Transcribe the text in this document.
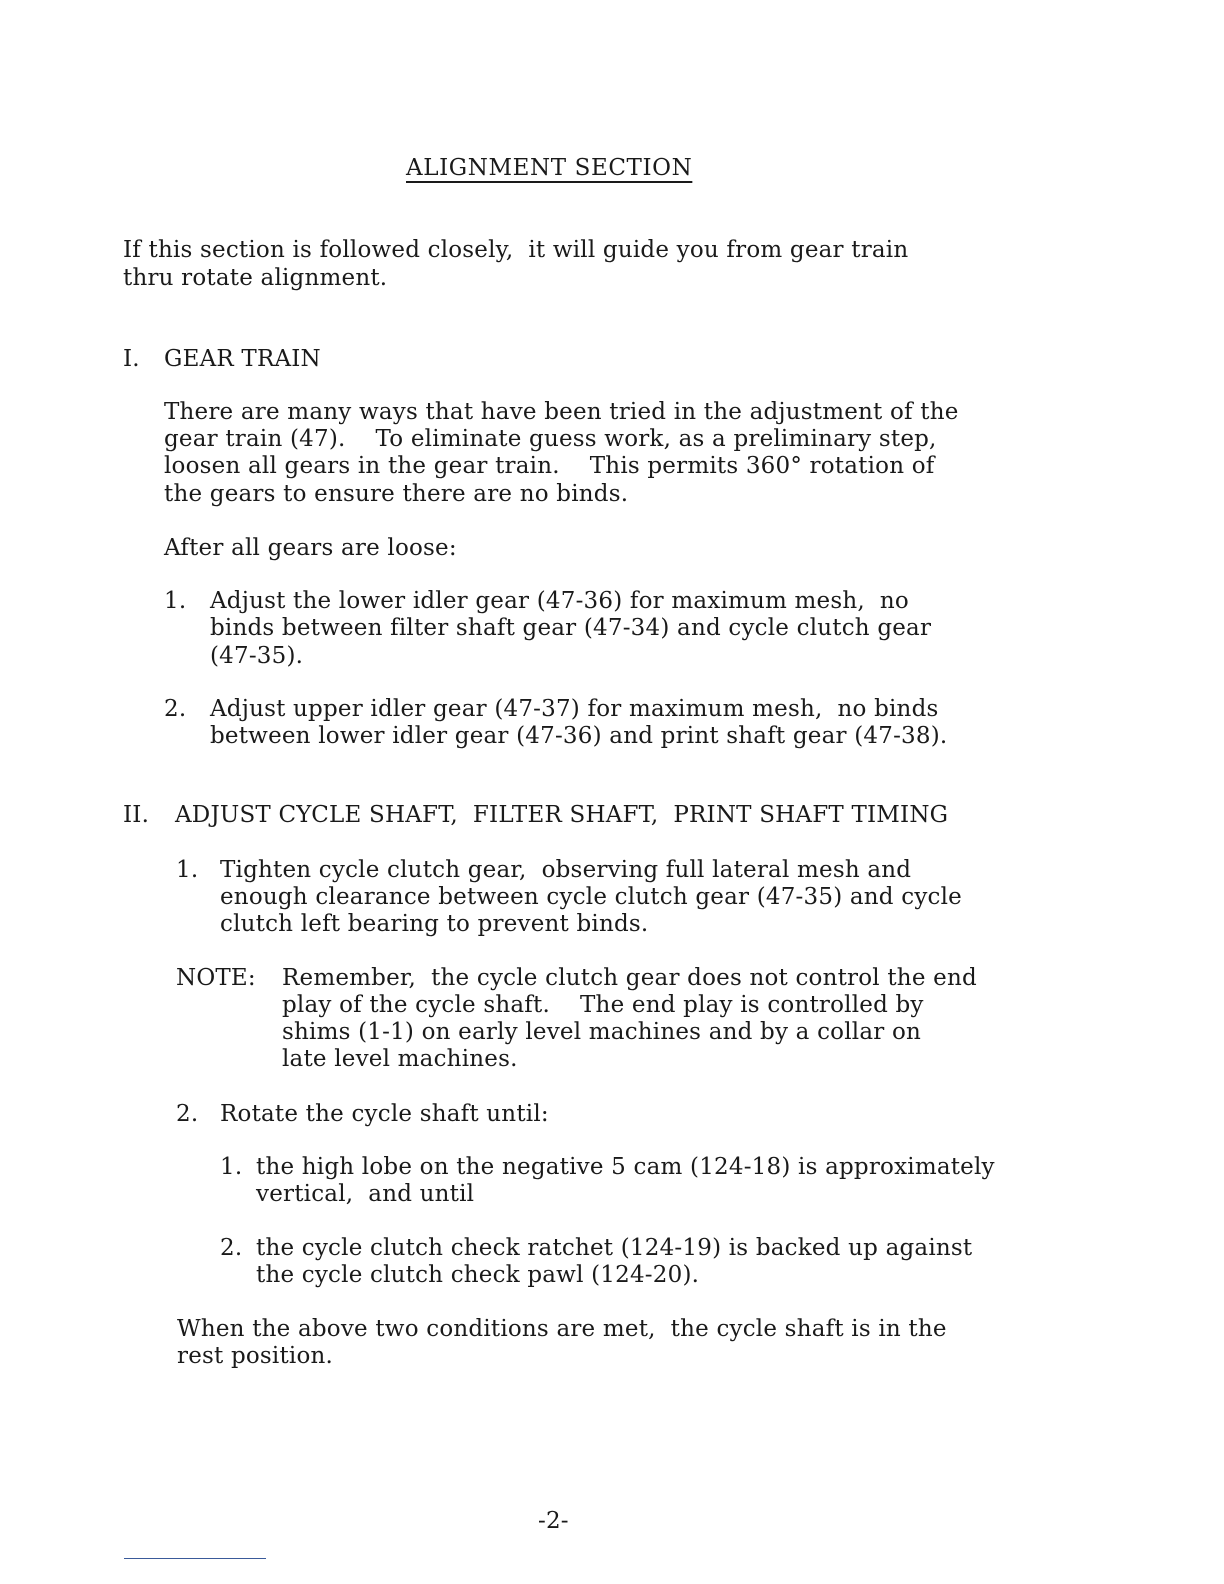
ALIGNMENT SECTION
If this section is followed closely,  it will guide you from gear train
thru rotate alignment.
I. GEAR TRAIN
There are many ways that have been tried in the adjustment of the
gear train (47).    To eliminate guess work, as a preliminary step,
loosen all gears in the gear train.    This permits 360° rotation of
the gears to ensure there are no binds.
After all gears are loose:
1. Adjust the lower idler gear (47-36) for maximum mesh,  no
binds between filter shaft gear (47-34) and cycle clutch gear
(47-35).
2. Adjust upper idler gear (47-37) for maximum mesh,  no binds
between lower idler gear (47-36) and print shaft gear (47-38).
II. ADJUST CYCLE SHAFT,  FILTER SHAFT,  PRINT SHAFT TIMING
1. Tighten cycle clutch gear,  observing full lateral mesh and
enough clearance between cycle clutch gear (47-35) and cycle
clutch left bearing to prevent binds.
NOTE: Remember,  the cycle clutch gear does not control the end
play of the cycle shaft.    The end play is controlled by
shims (1-1) on early level machines and by a collar on
late level machines.
2. Rotate the cycle shaft until:
1. the high lobe on the negative 5 cam (124-18) is approximately
vertical,  and until
2. the cycle clutch check ratchet (124-19) is backed up against
the cycle clutch check pawl (124-20).
When the above two conditions are met,  the cycle shaft is in the
rest position.
-2-
